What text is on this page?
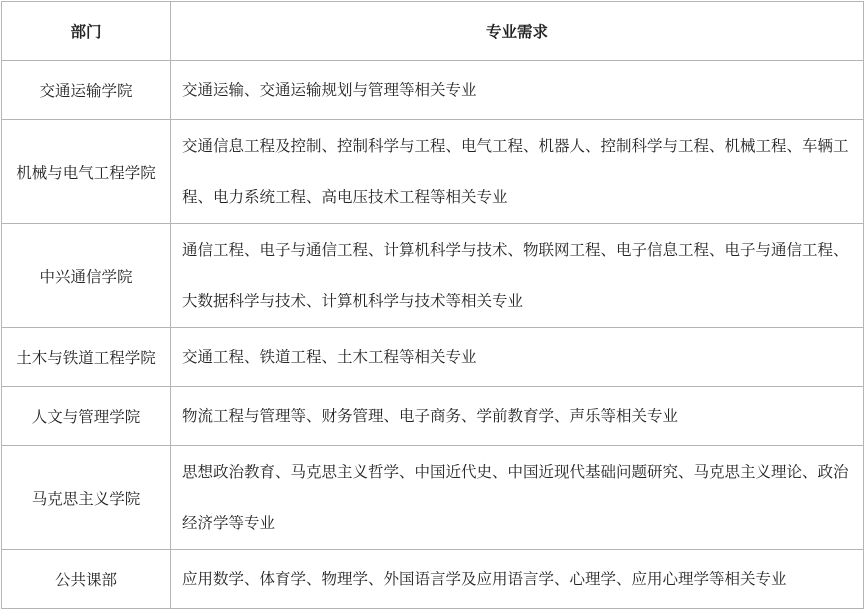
部门	专业需求
交通运输学院	交通运输、交通运输规划与管理等相关专业
机械与电气工程学院	交通信息工程及控制、控制科学与工程、电气工程、机器人、控制科学与工程、机械工程、车辆工程、电力系统工程、高电压技术工程等相关专业
中兴通信学院	通信工程、电子与通信工程、计算机科学与技术、物联网工程、电子信息工程、电子与通信工程、大数据科学与技术、计算机科学与技术等相关专业
土木与铁道工程学院	交通工程、铁道工程、土木工程等相关专业
人文与管理学院	物流工程与管理等、财务管理、电子商务、学前教育学、声乐等相关专业
马克思主义学院	思想政治教育、马克思主义哲学、中国近代史、中国近现代基础问题研究、马克思主义理论、政治经济学等专业
公共课部	应用数学、体育学、物理学、外国语言学及应用语言学、心理学、应用心理学等相关专业
